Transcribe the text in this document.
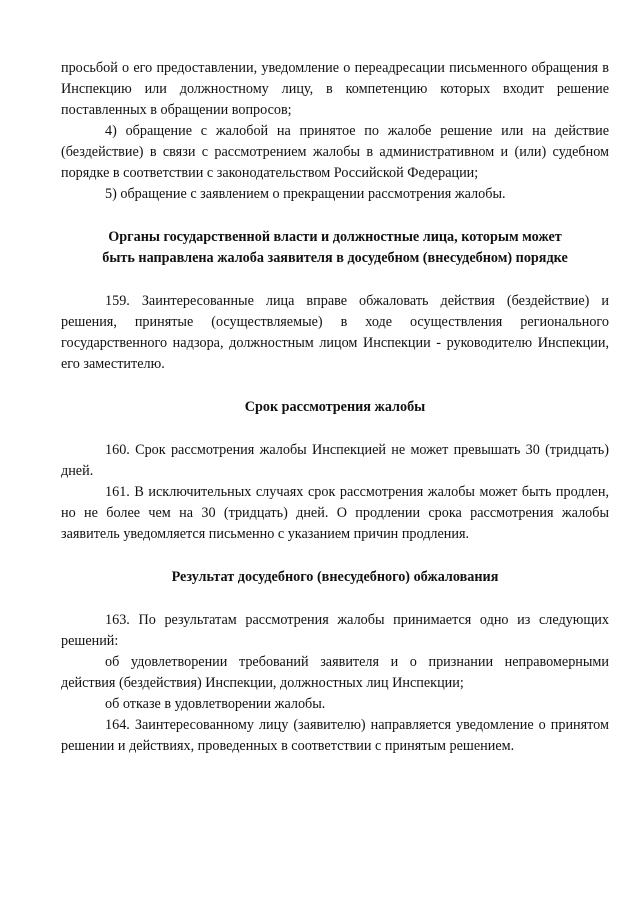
просьбой о его предоставлении, уведомление о переадресации письменного обращения в Инспекцию или должностному лицу, в компетенцию которых входит решение поставленных в обращении вопросов;

4) обращение с жалобой на принятое по жалобе решение или на действие (бездействие) в связи с рассмотрением жалобы в административном и (или) судебном порядке в соответствии с законодательством Российской Федерации;

5) обращение с заявлением о прекращении рассмотрения жалобы.

Органы государственной власти и должностные лица, которым может
быть направлена жалоба заявителя в досудебном (внесудебном) порядке

159. Заинтересованные лица вправе обжаловать действия (бездействие) и решения, принятые (осуществляемые) в ходе осуществления регионального государственного надзора, должностным лицом Инспекции - руководителю Инспекции, его заместителю.

Срок рассмотрения жалобы

160. Срок рассмотрения жалобы Инспекцией не может превышать 30 (тридцать) дней.

161. В исключительных случаях срок рассмотрения жалобы может быть продлен, но не более чем на 30 (тридцать) дней. О продлении срока рассмотрения жалобы заявитель уведомляется письменно с указанием причин продления.

Результат досудебного (внесудебного) обжалования

163. По результатам рассмотрения жалобы принимается одно из следующих решений:

об удовлетворении требований заявителя и о признании неправомерными действия (бездействия) Инспекции, должностных лиц Инспекции;

об отказе в удовлетворении жалобы.

164. Заинтересованному лицу (заявителю) направляется уведомление о принятом решении и действиях, проведенных в соответствии с принятым решением.
